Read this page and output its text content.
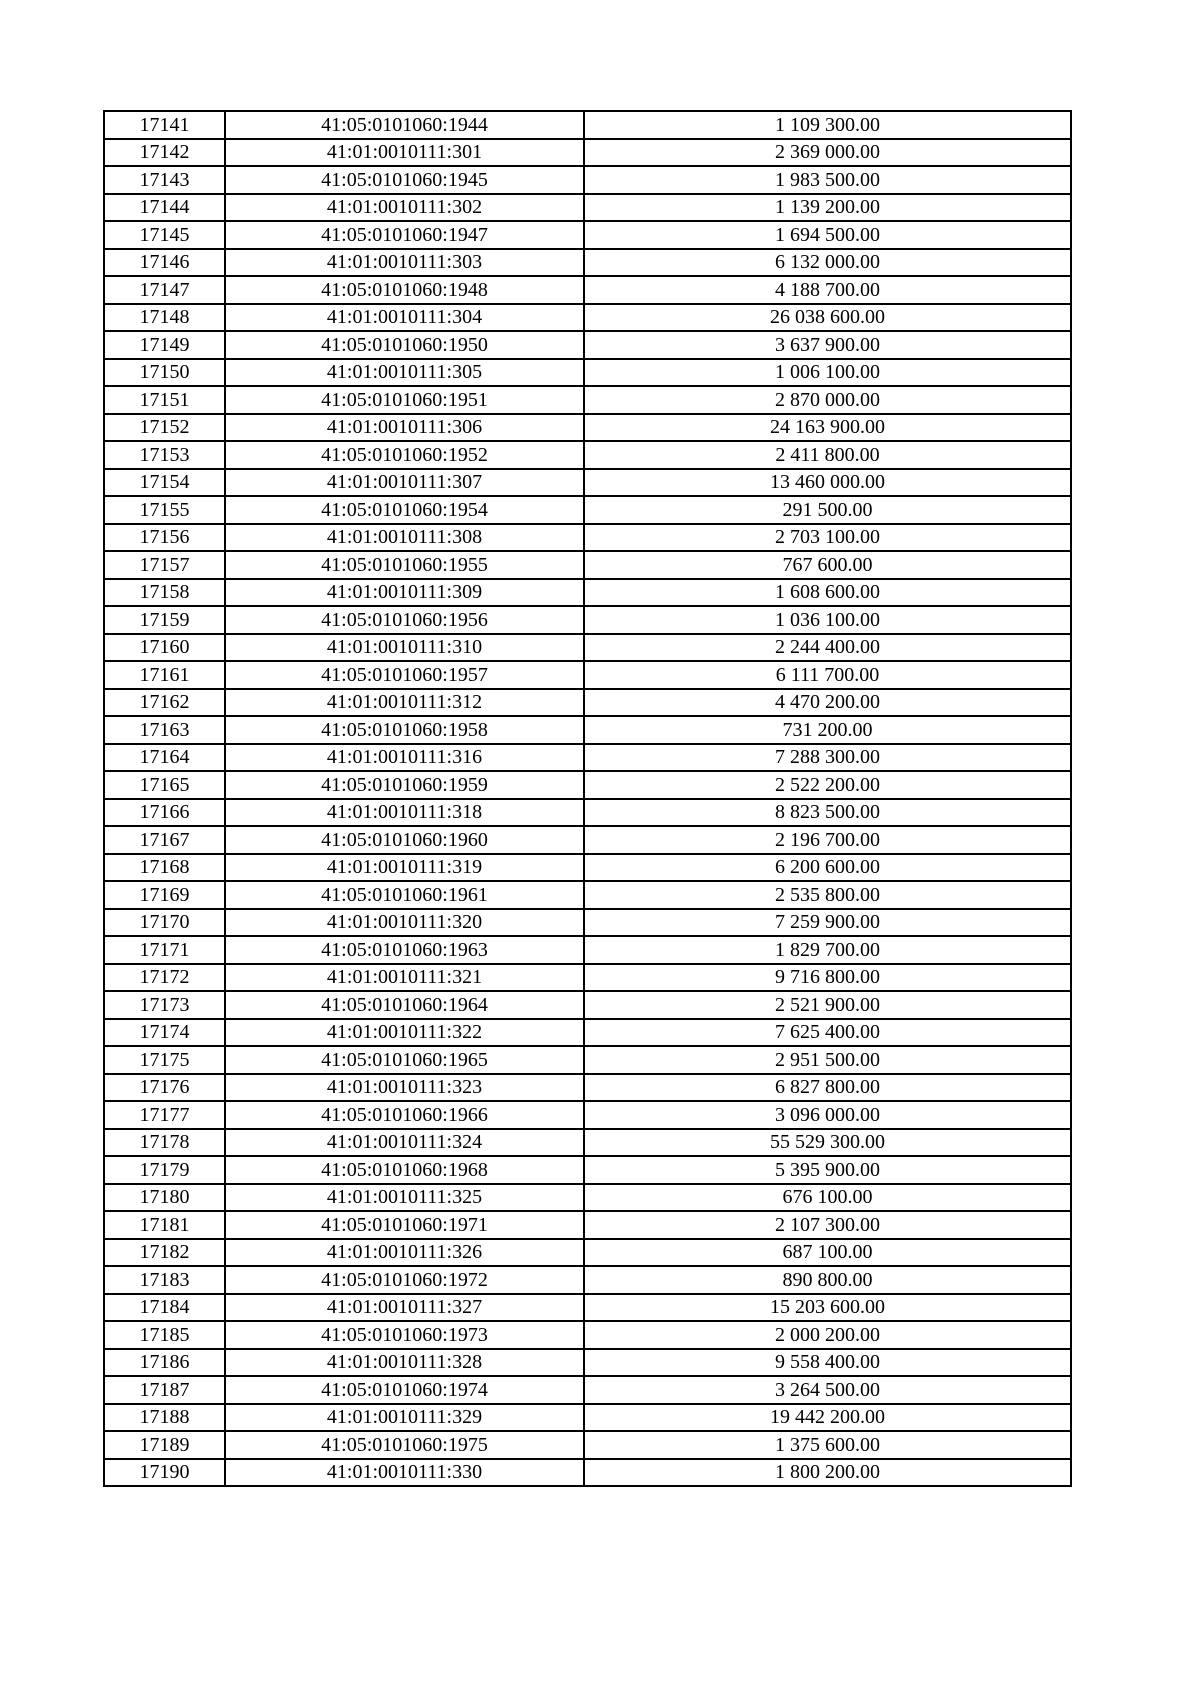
17141	41:05:0101060:1944	1 109 300.00
17142	41:01:0010111:301	2 369 000.00
17143	41:05:0101060:1945	1 983 500.00
17144	41:01:0010111:302	1 139 200.00
17145	41:05:0101060:1947	1 694 500.00
17146	41:01:0010111:303	6 132 000.00
17147	41:05:0101060:1948	4 188 700.00
17148	41:01:0010111:304	26 038 600.00
17149	41:05:0101060:1950	3 637 900.00
17150	41:01:0010111:305	1 006 100.00
17151	41:05:0101060:1951	2 870 000.00
17152	41:01:0010111:306	24 163 900.00
17153	41:05:0101060:1952	2 411 800.00
17154	41:01:0010111:307	13 460 000.00
17155	41:05:0101060:1954	291 500.00
17156	41:01:0010111:308	2 703 100.00
17157	41:05:0101060:1955	767 600.00
17158	41:01:0010111:309	1 608 600.00
17159	41:05:0101060:1956	1 036 100.00
17160	41:01:0010111:310	2 244 400.00
17161	41:05:0101060:1957	6 111 700.00
17162	41:01:0010111:312	4 470 200.00
17163	41:05:0101060:1958	731 200.00
17164	41:01:0010111:316	7 288 300.00
17165	41:05:0101060:1959	2 522 200.00
17166	41:01:0010111:318	8 823 500.00
17167	41:05:0101060:1960	2 196 700.00
17168	41:01:0010111:319	6 200 600.00
17169	41:05:0101060:1961	2 535 800.00
17170	41:01:0010111:320	7 259 900.00
17171	41:05:0101060:1963	1 829 700.00
17172	41:01:0010111:321	9 716 800.00
17173	41:05:0101060:1964	2 521 900.00
17174	41:01:0010111:322	7 625 400.00
17175	41:05:0101060:1965	2 951 500.00
17176	41:01:0010111:323	6 827 800.00
17177	41:05:0101060:1966	3 096 000.00
17178	41:01:0010111:324	55 529 300.00
17179	41:05:0101060:1968	5 395 900.00
17180	41:01:0010111:325	676 100.00
17181	41:05:0101060:1971	2 107 300.00
17182	41:01:0010111:326	687 100.00
17183	41:05:0101060:1972	890 800.00
17184	41:01:0010111:327	15 203 600.00
17185	41:05:0101060:1973	2 000 200.00
17186	41:01:0010111:328	9 558 400.00
17187	41:05:0101060:1974	3 264 500.00
17188	41:01:0010111:329	19 442 200.00
17189	41:05:0101060:1975	1 375 600.00
17190	41:01:0010111:330	1 800 200.00
